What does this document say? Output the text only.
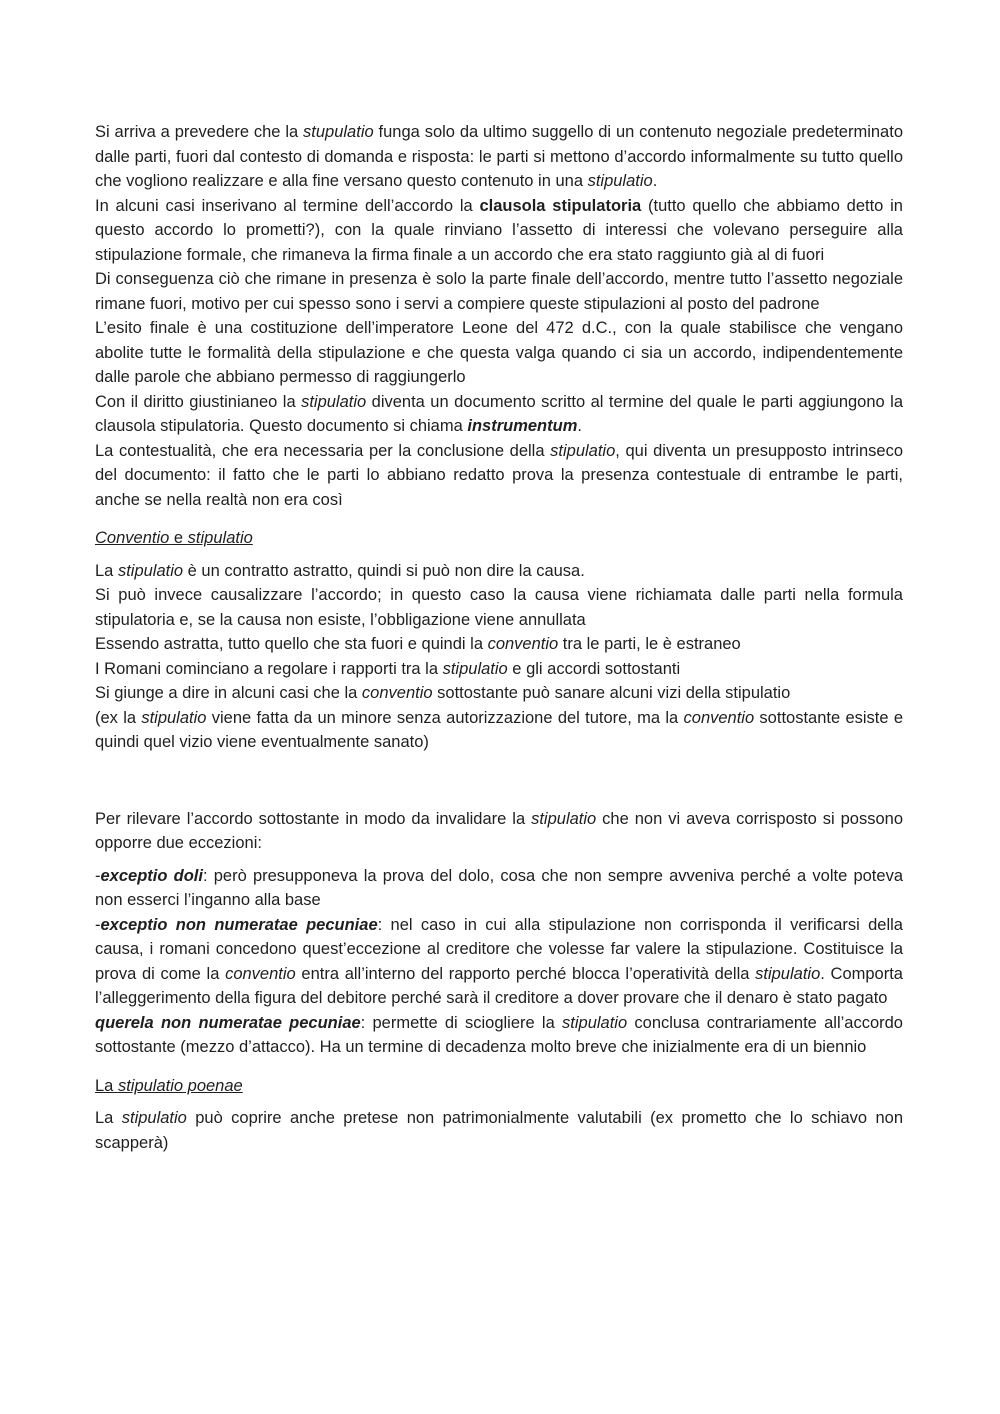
Si arriva a prevedere che la stupulatio funga solo da ultimo suggello di un contenuto negoziale predeterminato dalle parti, fuori dal contesto di domanda e risposta: le parti si mettono d’accordo informalmente su tutto quello che vogliono realizzare e alla fine versano questo contenuto in una stipulatio.

In alcuni casi inserivano al termine dell’accordo la clausola stipulatoria (tutto quello che abbiamo detto in questo accordo lo prometti?), con la quale rinviano l’assetto di interessi che volevano perseguire alla stipulazione formale, che rimaneva la firma finale a un accordo che era stato raggiunto già al di fuori

Di conseguenza ciò che rimane in presenza è solo la parte finale dell’accordo, mentre tutto l’assetto negoziale rimane fuori, motivo per cui spesso sono i servi a compiere queste stipulazioni al posto del padrone

L’esito finale è una costituzione dell’imperatore Leone del 472 d.C., con la quale stabilisce che vengano abolite tutte le formalità della stipulazione e che questa valga quando ci sia un accordo, indipendentemente dalle parole che abbiano permesso di raggiungerlo

Con il diritto giustinianeo la stipulatio diventa un documento scritto al termine del quale le parti aggiungono la clausola stipulatoria. Questo documento si chiama instrumentum.

La contestualità, che era necessaria per la conclusione della stipulatio, qui diventa un presupposto intrinseco del documento: il fatto che le parti lo abbiano redatto prova la presenza contestuale di entrambe le parti, anche se nella realtà non era così

Conventio e stipulatio

La stipulatio è un contratto astratto, quindi si può non dire la causa.

Si può invece causalizzare l’accordo; in questo caso la causa viene richiamata dalle parti nella formula stipulatoria e, se la causa non esiste, l’obbligazione viene annullata

Essendo astratta, tutto quello che sta fuori e quindi la conventio tra le parti, le è estraneo

I Romani cominciano a regolare i rapporti tra la stipulatio e gli accordi sottostanti

Si giunge a dire in alcuni casi che la conventio sottostante può sanare alcuni vizi della stipulatio

(ex la stipulatio viene fatta da un minore senza autorizzazione del tutore, ma la conventio sottostante esiste e quindi quel vizio viene eventualmente sanato)

Per rilevare l’accordo sottostante in modo da invalidare la stipulatio che non vi aveva corrisposto si possono opporre due eccezioni:

-exceptio doli: però presupponeva la prova del dolo, cosa che non sempre avveniva perché a volte poteva non esserci l’inganno alla base

-exceptio non numeratae pecuniae: nel caso in cui alla stipulazione non corrisponda il verificarsi della causa, i romani concedono quest’eccezione al creditore che volesse far valere la stipulazione. Costituisce la prova di come la conventio entra all’interno del rapporto perché blocca l’operatività della stipulatio. Comporta l’alleggerimento della figura del debitore perché sarà il creditore a dover provare che il denaro è stato pagato

querela non numeratae pecuniae: permette di sciogliere la stipulatio conclusa contrariamente all’accordo sottostante (mezzo d’attacco). Ha un termine di decadenza molto breve che inizialmente era di un biennio

La stipulatio poenae

La stipulatio può coprire anche pretese non patrimonialmente valutabili (ex prometto che lo schiavo non scapperà)
